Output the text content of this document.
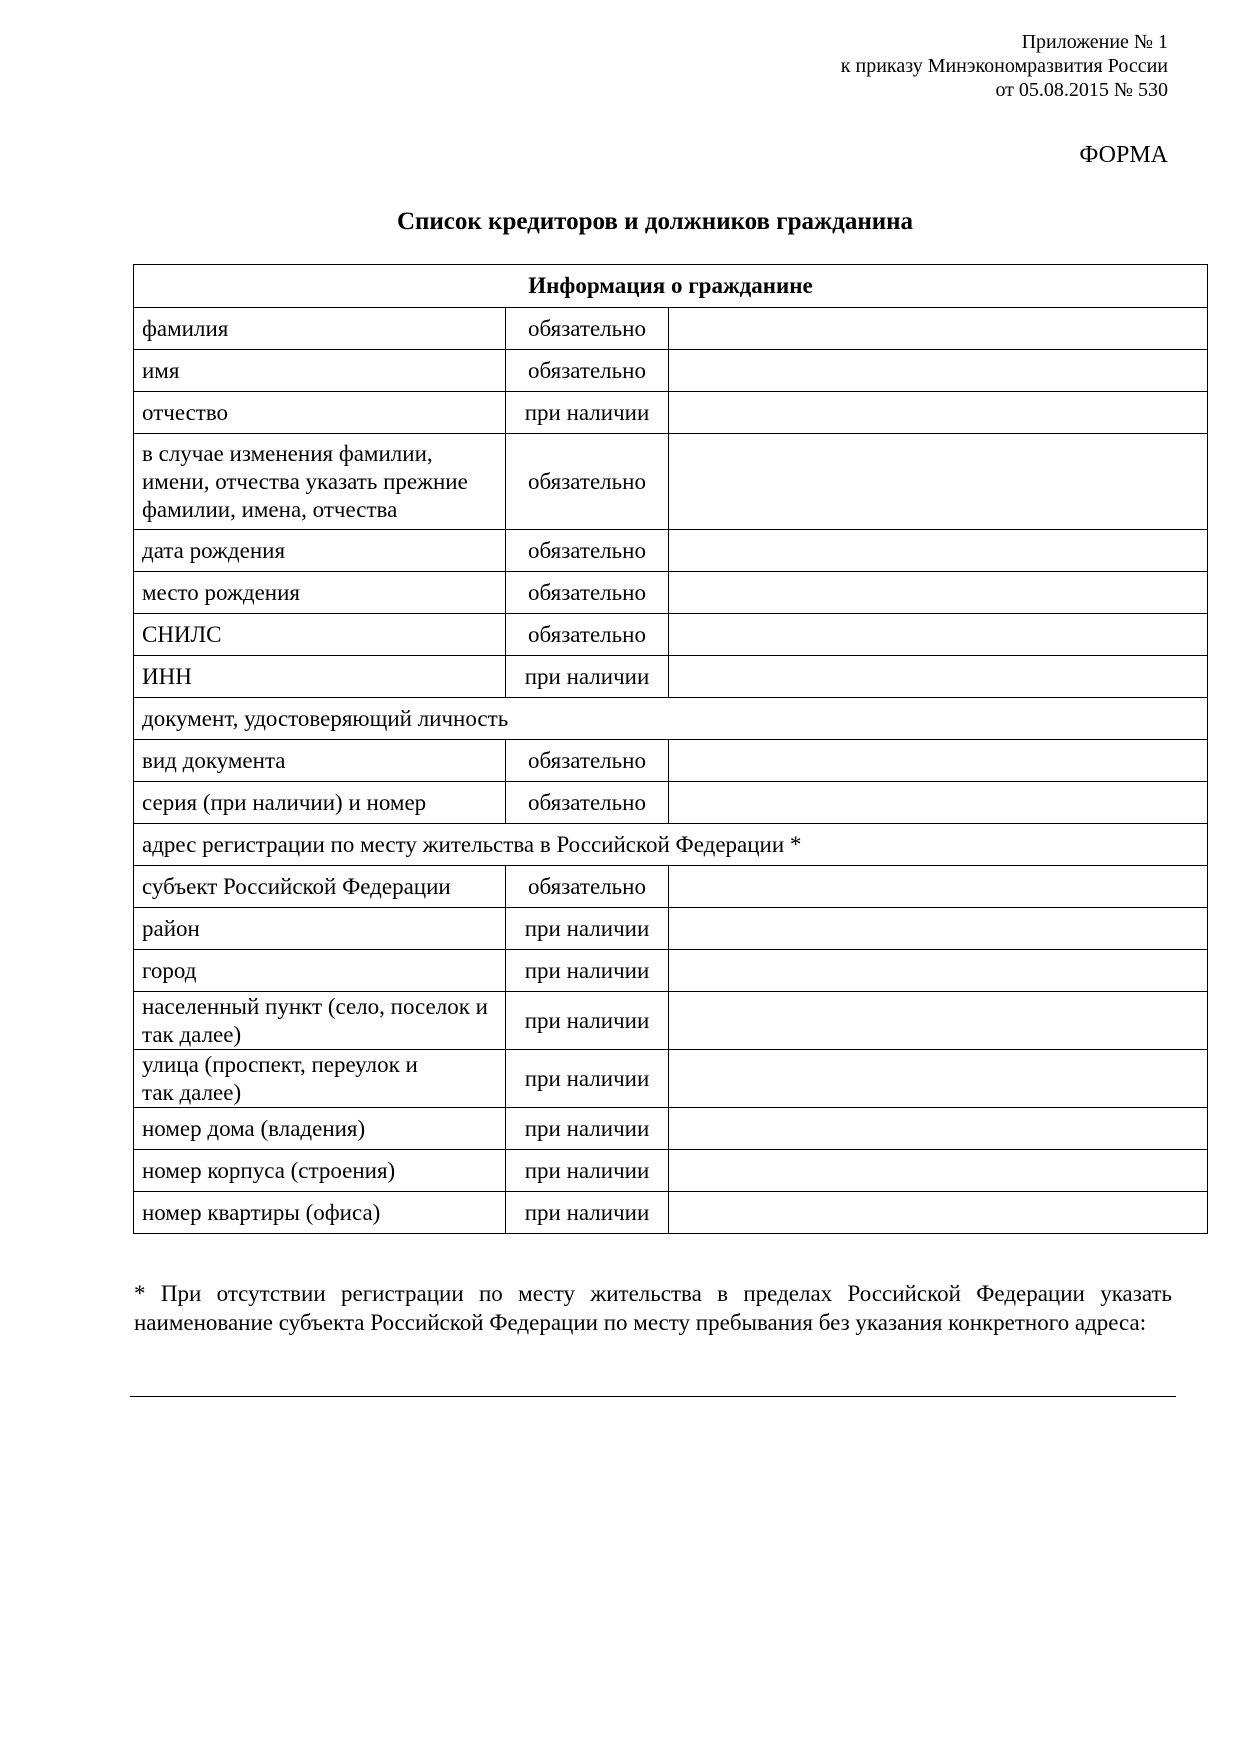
Приложение № 1
к приказу Минэкономразвития России
от 05.08.2015 № 530
ФОРМА
Список кредиторов и должников гражданина
Информация о гражданине		
фамилия	обязательно	
имя	обязательно	
отчество	при наличии	
в случае изменения фамилии, имени, отчества указать прежние фамилии, имена, отчества	обязательно	
дата рождения	обязательно	
место рождения	обязательно	
СНИЛС	обязательно	
ИНН	при наличии	
документ, удостоверяющий личность		
вид документа	обязательно	
серия (при наличии) и номер	обязательно	
адрес регистрации по месту жительства в Российской Федерации *		
субъект Российской Федерации	обязательно	
район	при наличии	
город	при наличии	
населенный пункт (село, поселок и так далее)	при наличии	
улица (проспект, переулок и так далее)	при наличии	
номер дома (владения)	при наличии	
номер корпуса (строения)	при наличии	
номер квартиры (офиса)	при наличии	
* При отсутствии регистрации по месту жительства в пределах Российской Федерации указать наименование субъекта Российской Федерации по месту пребывания без указания конкретного адреса:
